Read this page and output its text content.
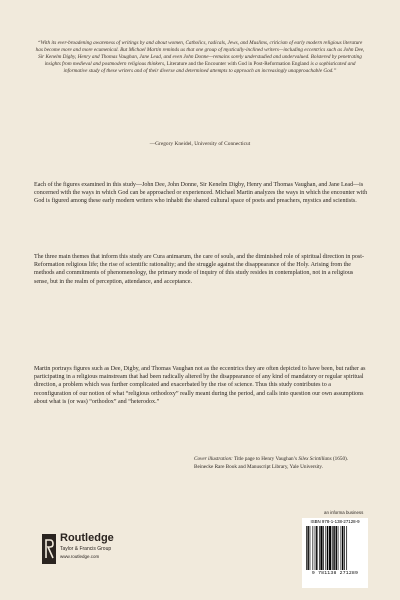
“With its ever-broadening awareness of writings by and about women, Catholics, radicals, Jews, and Muslims, criticism of early modern religious literature has become more and more ecumenical. But Michael Martin reminds us that one group of mystically-inclined writers—including eccentrics such as John Dee, Sir Kenelm Digby, Henry and Thomas Vaughan, Jane Lead, and even John Donne—remains sorely understudied and undervalued. Bolstered by penetrating insights from medieval and postmodern religious thinkers, Literature and the Encounter with God in Post-Reformation England is a sophisticated and informative study of these writers and of their diverse and determined attempts to approach an increasingly unapproachable God.”
—Gregory Kneidel, University of Connecticut
Each of the figures examined in this study—John Dee, John Donne, Sir Kenelm Digby, Henry and Thomas Vaughan, and Jane Lead—is concerned with the ways in which God can be approached or experienced. Michael Martin analyzes the ways in which the encounter with God is figured among these early modern writers who inhabit the shared cultural space of poets and preachers, mystics and scientists.
The three main themes that inform this study are Cura animarum, the care of souls, and the diminished role of spiritual direction in post-Reformation religious life; the rise of scientific rationality; and the struggle against the disappearance of the Holy. Arising from the methods and commitments of phenomenology, the primary mode of inquiry of this study resides in contemplation, not in a religious sense, but in the realm of perception, attendance, and acceptance.
Martin portrays figures such as Dee, Digby, and Thomas Vaughan not as the eccentrics they are often depicted to have been, but rather as participating in a religious mainstream that had been radically altered by the disappearance of any kind of mandatory or regular spiritual direction, a problem which was further complicated and exacerbated by the rise of science. Thus this study contributes to a reconfiguration of our notion of what “religious orthodoxy” really meant during the period, and calls into question our own assumptions about what is (or was) “orthodox” and “heterodox.”
Cover illustration: Title page to Henry Vaughan’s Silex Scintillans (1650).
Beinecke Rare Book and Manuscript Library, Yale University.
Routledge
Taylor & Francis Group
www.routledge.com
an informa business
ISBN 978-1-138-27128-9
9 781138 271289
